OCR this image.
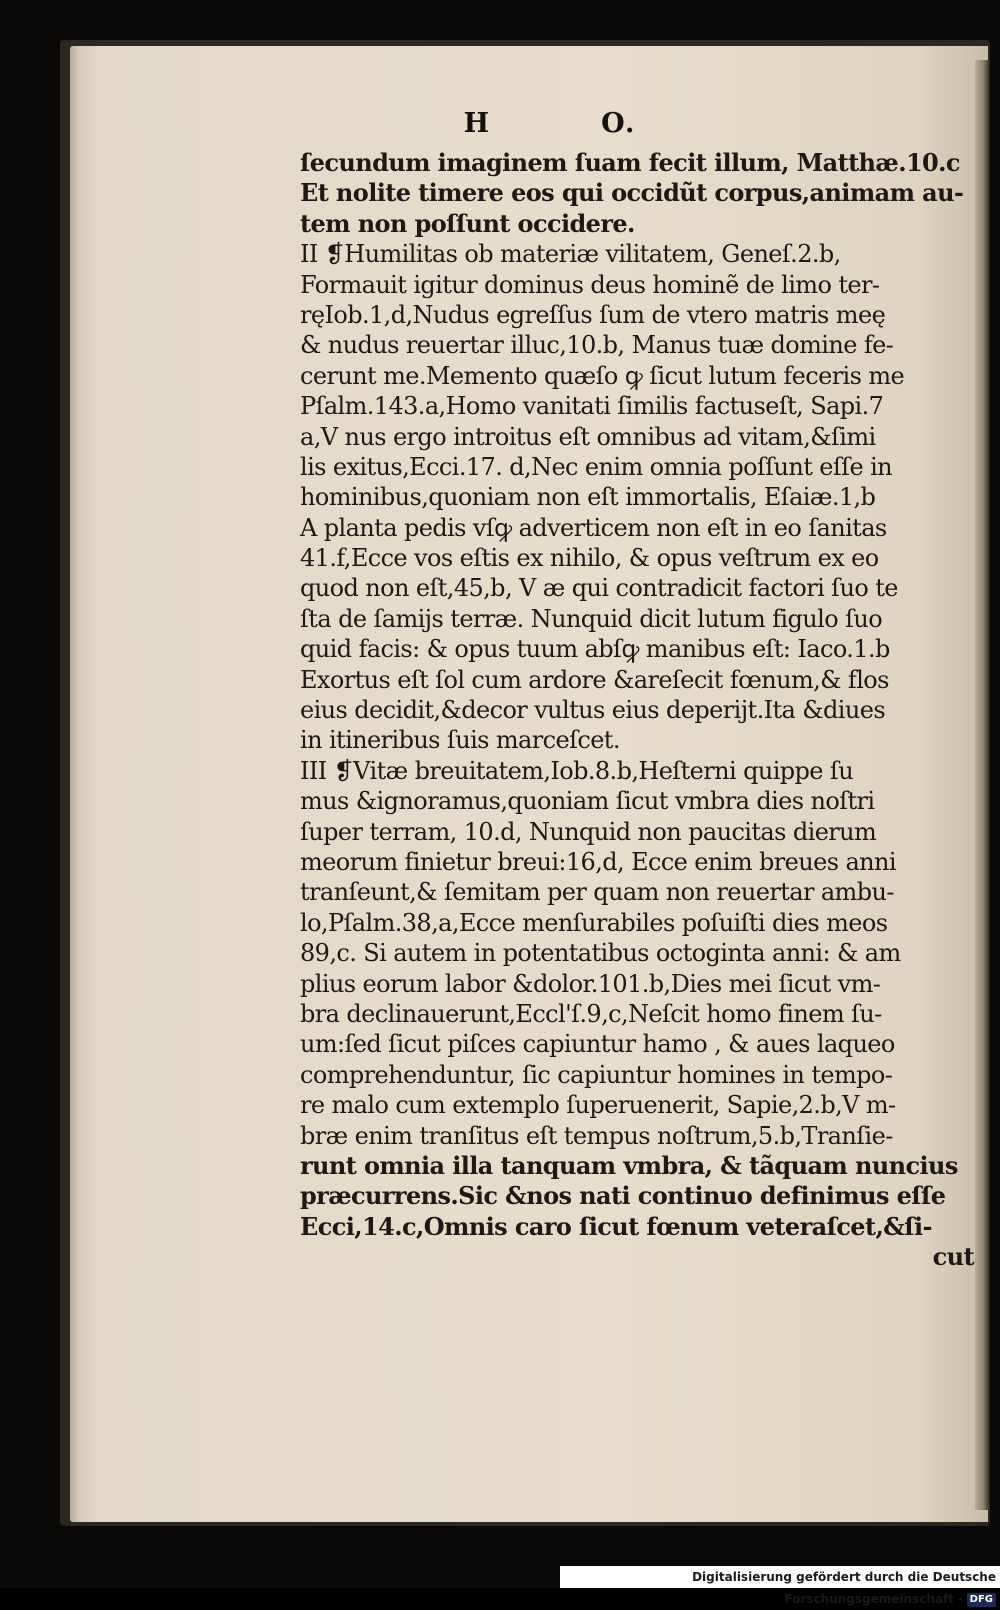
H	O.
ſecundum imaginem ſuam fecit illum, Matthæ.10.c
Et nolite timere eos qui occidũt corpus,animam au-
tem non poſſunt occidere.
II ❡Humilitas ob materiæ vilitatem, Geneſ.2.b,
Formauit igitur dominus deus hominẽ de limo ter-
ręIob.1,d,Nudus egreſſus ſum de vtero matris meę
& nudus reuertar illuc,10.b, Manus tuæ domine fe-
cerunt me.Memento quæſo ꝙ ſicut lutum feceris me
Pſalm.143.a,Homo vanitati ſimilis factuseſt, Sapi.7
a,V nus ergo introitus eſt omnibus ad vitam,&ſimi
lis exitus,Ecci.17. d,Nec enim omnia poſſunt eſſe in
hominibus,quoniam non eſt immortalis, Eſaiæ.1,b
A planta pedis vſꝙ adverticem non eſt in eo ſanitas
41.f,Ecce vos eſtis ex nihilo, & opus veſtrum ex eo
quod non eſt,45,b, V æ qui contradicit factori ſuo te
ſta de ſamijs terræ. Nunquid dicit lutum figulo ſuo
quid facis: & opus tuum abſꝙ manibus eſt: Iaco.1.b
Exortus eſt ſol cum ardore &areſecit fœnum,& flos
eius decidit,&decor vultus eius deperijt.Ita &diues
in itineribus ſuis marceſcet.
III ❡Vitæ breuitatem,Iob.8.b,Heſterni quippe ſu
mus &ignoramus,quoniam ſicut vmbra dies noſtri
ſuper terram, 10.d, Nunquid non paucitas dierum
meorum finietur breui:16,d, Ecce enim breues anni
tranſeunt,& ſemitam per quam non reuertar ambu-
lo,Pſalm.38,a,Ecce menſurabiles poſuiſti dies meos
89,c. Si autem in potentatibus octoginta anni: & am
plius eorum labor &dolor.101.b,Dies mei ſicut vm-
bra declinauerunt,Eccl'ſ.9,c,Neſcit homo finem ſu-
um:ſed ſicut piſces capiuntur hamo , & aues laqueo
comprehenduntur, ſic capiuntur homines in tempo-
re malo cum extemplo ſuperuenerit, Sapie,2.b,V m-
bræ enim tranſitus eſt tempus noſtrum,5.b,Tranſie-
runt omnia illa tanquam vmbra, & tãquam nuncius
præcurrens.Sic &nos nati continuo definimus eſſe
Ecci,14.c,Omnis caro ſicut fœnum veteraſcet,&ſi-
cut
Digitalisierung gefördert durch die Deutsche Forschungsgemeinschaft · DFG
